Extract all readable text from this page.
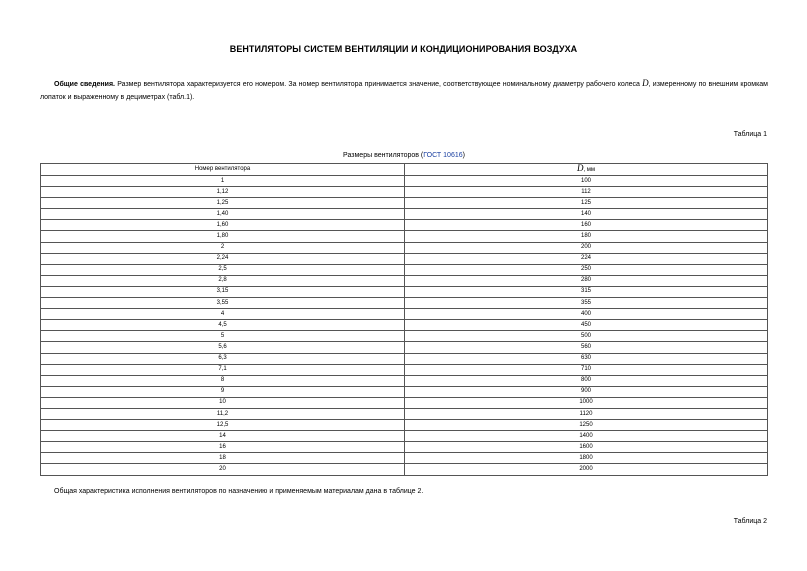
ВЕНТИЛЯТОРЫ СИСТЕМ ВЕНТИЛЯЦИИ И КОНДИЦИОНИРОВАНИЯ ВОЗДУХА
Общие сведения. Размер вентилятора характеризуется его номером. За номер вентилятора принимается значение, соответствующее номинальному диаметру рабочего колеса D, измеренному по внешним кромкам лопаток и выраженному в дециметрах (табл.1).
Таблица 1
Размеры вентиляторов (ГОСТ 10616)
Номер вентилятора	D, мм
1	100
1,12	112
1,25	125
1,40	140
1,60	160
1,80	180
2	200
2,24	224
2,5	250
2,8	280
3,15	315
3,55	355
4	400
4,5	450
5	500
5,6	560
6,3	630
7,1	710
8	800
9	900
10	1000
11,2	1120
12,5	1250
14	1400
16	1600
18	1800
20	2000
Общая характеристика исполнения вентиляторов по назначению и применяемым материалам дана в таблице 2.
Таблица 2
